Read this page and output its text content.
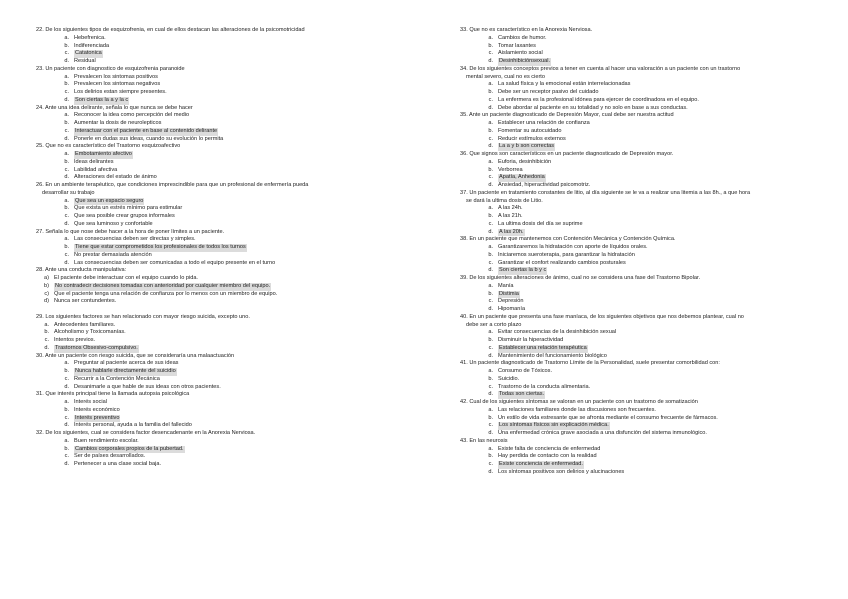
22. De los siguientes tipos de esquizofrenia, en cual de ellos destacan las alteraciones de la psicomotricidad
a. Hebefrenica.
b. Indiferenciada
c. Catatonica
d. Residual
23. Un paciente con diagnostico de esquizofrenia paranoide
a. Prevalecen los sintomas positivos
b. Prevalecen los sintomas negativos
c. Los delirios estan siempre presentes.
d. Son ciertas la a y la c
24. Ante una idea delirante, señala lo que nunca se debe hacer
a. Reconocer la idea como percepción del medio
b. Aumentar la dosis de neurolepticos
c. Interactuar con el paciente en base al contenido delirante
d. Ponerle en dudas sus ideas, cuando su evolución lo permita
25. Que no es característico del Trastorno esquizoafectivo
a. Embotamiento afectivo
b. Ideas delirantes
c. Labilidad afectiva
d. Alteraciones del estado de ánimo
26. En un ambiente terapéutico, que condiciones imprescindible para que un profesional de enfermería pueda
desarrollar su trabajo
a. Que sea un espacio seguro
b. Que exista un estrés mínimo para estimular
c. Que sea posible crear grupos informales
d. Que sea luminoso y confortable
27. Señala lo que nose debe hacer a la hora de poner límites a un paciente.
a. Las consecuencias deben ser directas y simples.
b. Tiene que estar comprometidos los profesionales de todos los turnos
c. No prestar demasiada atención
d. Las consecuencias deben ser comunicadas a todo el equipo presente en el turno
28. Ante una conducta manipulativa:
a) El paciente debe interactuar con el equipo cuando lo pida.
b) No contradecir decisiones tomadas con anterioridad por cualquier miembro del equipo.
c) Que el paciente tenga una relación de confianza por lo menos con un miembro de equipo.
d) Nunca ser contundentes.
29. Los siguientes factores se han relacionado con mayor riesgo suicida, excepto uno.
a. Antecedentes familiares.
b. Alcoholismo y Toxicomanías.
c. Intentos previos.
d. Trastornos Obsesivo-compulsivo.
30. Ante un paciente con riesgo suicida, que se consideraría una malaactuación
a. Preguntar al paciente acerca de sus ideas
b. Nunca hablarle directamente del suicidio
c. Recurrir a la Contención Mecánica
d. Desanimarle a que hable de sus ideas con otros pacientes.
31. Que interés principal tiene la llamada autopsia psicológica
a. Interés social
b. Interés económico
c. Interés preventivo
d. Interés personal, ayuda a la familia del fallecido
32. De los siguientes, cual se considera factor desencadenante en la Anorexia Nerviosa.
a. Buen rendimiento escolar.
b. Cambios corporales propios de la pubertad.
c. Ser de países desarrollados.
d. Pertenecer a una clase social baja.
33. Que no es característico en la Anorexia Nerviosa.
a. Cambios de humor.
b. Tomar laxantes
c. Aislamiento social
d. Desinhibiciónsexual.
34. De los siguientes conceptos previos a tener en cuenta al hacer una valoración a un paciente con un trastorno
mental severo, cual no es cierto
a. La salud física y la emocional están interrelacionadas
b. Debe ser un receptor pasivo del cuidado
c. La enfermera es la profesional idónea para ejercer de coordinadora en el equipo.
d. Debe abordar al paciente en su totalidad y no solo en base a sus conductas.
35. Ante un paciente diagnosticado de Depresión Mayor, cual debe ser nuestra actitud
a. Establecer una relación de confianza
b. Fomentar su autocuidado
c. Reducir estímulos externos
d. La a y b son correctas
36. Que signos son característicos en un paciente diagnosticado de Depresión mayor.
a. Euforia, desinhibición
b. Verborrea
c. Apatía, Anhedonia
d. Ansiedad, hiperactividad psicomotriz.
37. Un paciente en tratamiento constantes de litio, al día siguiente se le va a realizar una litemia a las 8h., a que hora
se dará la ultima dosis de Litio.
a. A las 24h.
b. A las 21h.
c. La ultima dosis del día se suprime
d. A las 20h.
38. En un paciente que mantenemos con Contención Mecánica y Contención Química.
a. Garantizaremos la hidratación con aporte de líquidos orales.
b. Iniciaremos sueroterapia, para garantizar la hidratación
c. Garantizar el confort realizando cambios posturales
d. Son ciertas la b y c
39. De los siguientes alteraciones de ánimo, cual no se considera una fase del Trastorno Bipolar.
a. Manía
b. Distimia
c. Depresión
d. Hipomanía
40. En un paciente que presenta una fase maníaca, de los siguientes objetivos que nos debemos plantear, cual no
debe ser a corto plazo
a. Evitar consecuencias de la desinhibición sexual
b. Disminuir la hiperactividad
c. Establecer una relación terapéutica
d. Mantenimiento del funcionamiento biológico
41. Un paciente diagnosticado de Trastorno Límite de la Personalidad, suele presentar comorbilidad con:
a. Consumo de Tóxicos.
b. Suicidio.
c. Trastorno de la conducta alimentaria.
d. Todas son ciertas.
42. Cual de los siguientes síntomas se valoran en un paciente con un trastorno de somatización
a. Las relaciones familiares donde las discusiones son frecuentes.
b. Un estilo de vida estresante que se afronta mediante el consumo frecuente de fármacos.
c. Los síntomas físicos sin explicación médica.
d. Una enfermedad crónica grave asociada a una disfunción del sistema inmunológico.
43. En las neurosis
a. Existe falta de conciencia de enfermedad
b. Hay perdida de contacto con la realidad
c. Existe conciencia de enfermedad.
d. Los síntomas positivos son delirios y alucinaciones
